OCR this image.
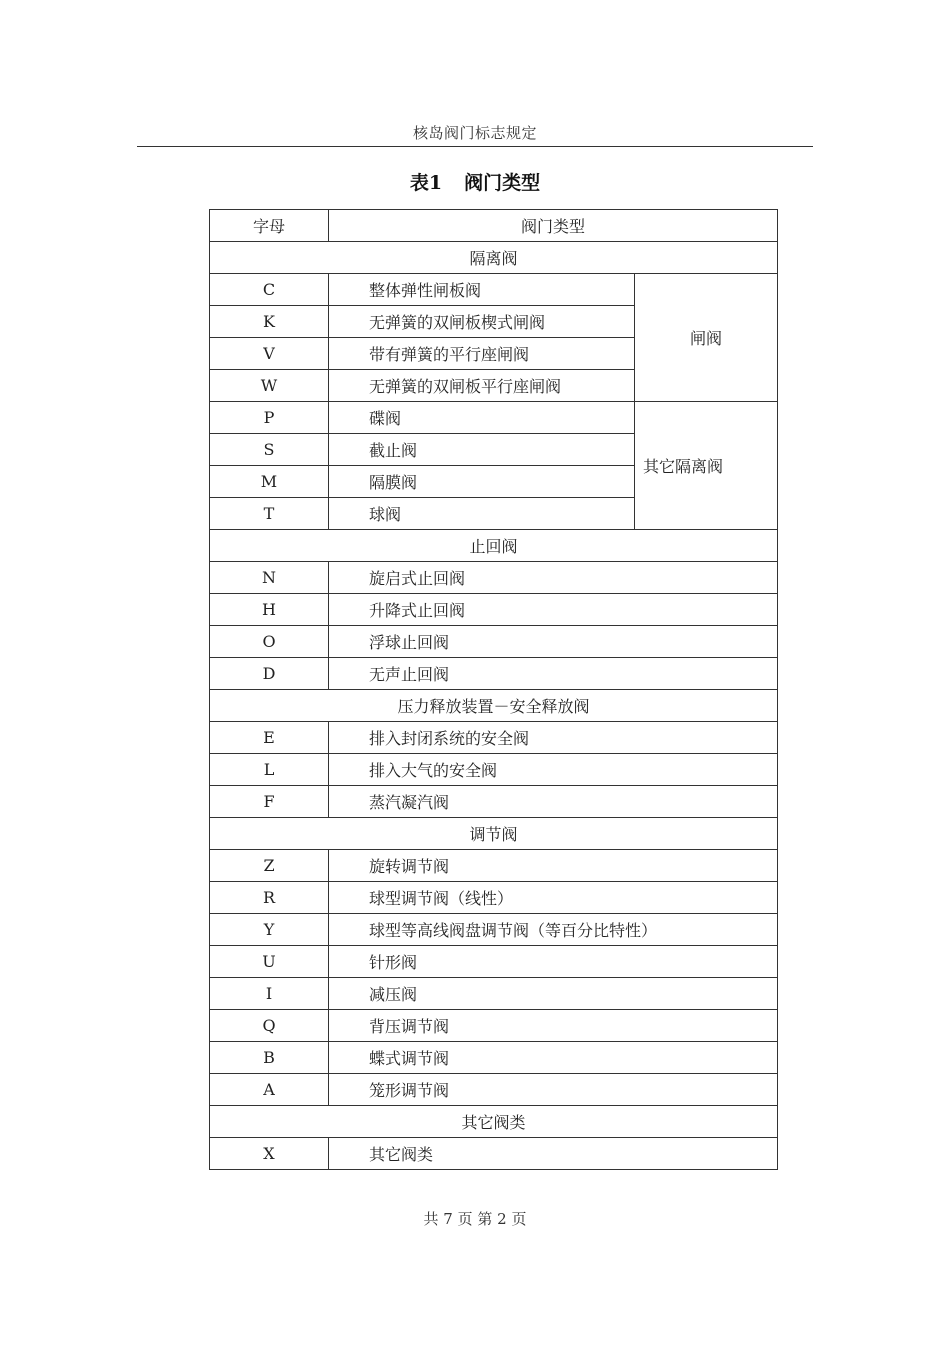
核岛阀门标志规定
表1 阀门类型
字母	阀门类型	
隔离阀		
C	整体弹性闸板阀	闸阀
K	无弹簧的双闸板楔式闸阀	
V	带有弹簧的平行座闸阀	
W	无弹簧的双闸板平行座闸阀	
P	碟阀	其它隔离阀
S	截止阀	
M	隔膜阀	
T	球阀	
止回阀		
N	旋启式止回阀	
H	升降式止回阀	
O	浮球止回阀	
D	无声止回阀	
压力释放装置－安全释放阀		
E	排入封闭系统的安全阀	
L	排入大气的安全阀	
F	蒸汽凝汽阀	
调节阀		
Z	旋转调节阀	
R	球型调节阀（线性）	
Y	球型等高线阀盘调节阀（等百分比特性）	
U	针形阀	
I	减压阀	
Q	背压调节阀	
B	蝶式调节阀	
A	笼形调节阀	
其它阀类		
X	其它阀类	
共 7 页 第 2 页
